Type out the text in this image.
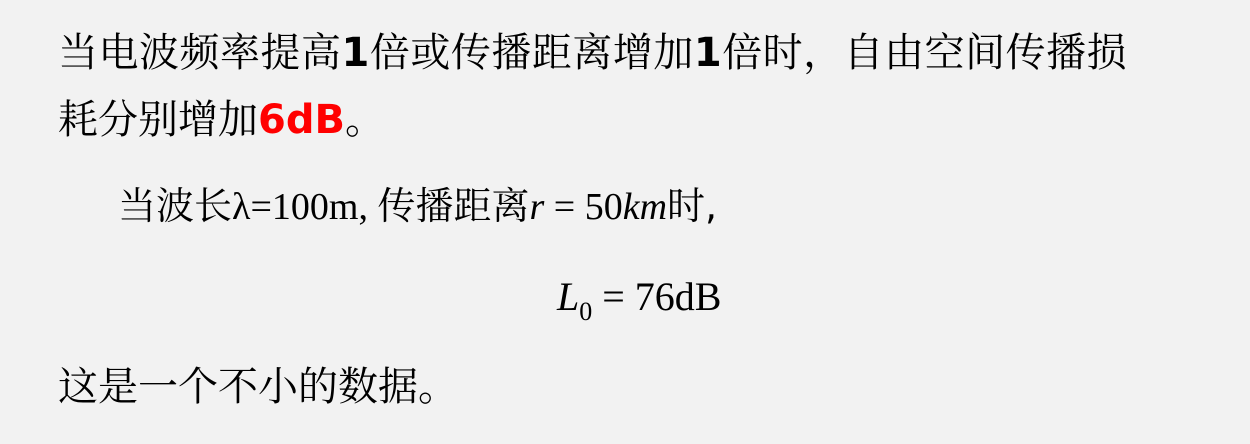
当电波频率提高1倍或传播距离增加1倍时，自由空间传播损
耗分别增加6dB。
当波长λ=100m, 传播距离r = 50km时,
$L_0 = 76dB$
这是一个不小的数据。
